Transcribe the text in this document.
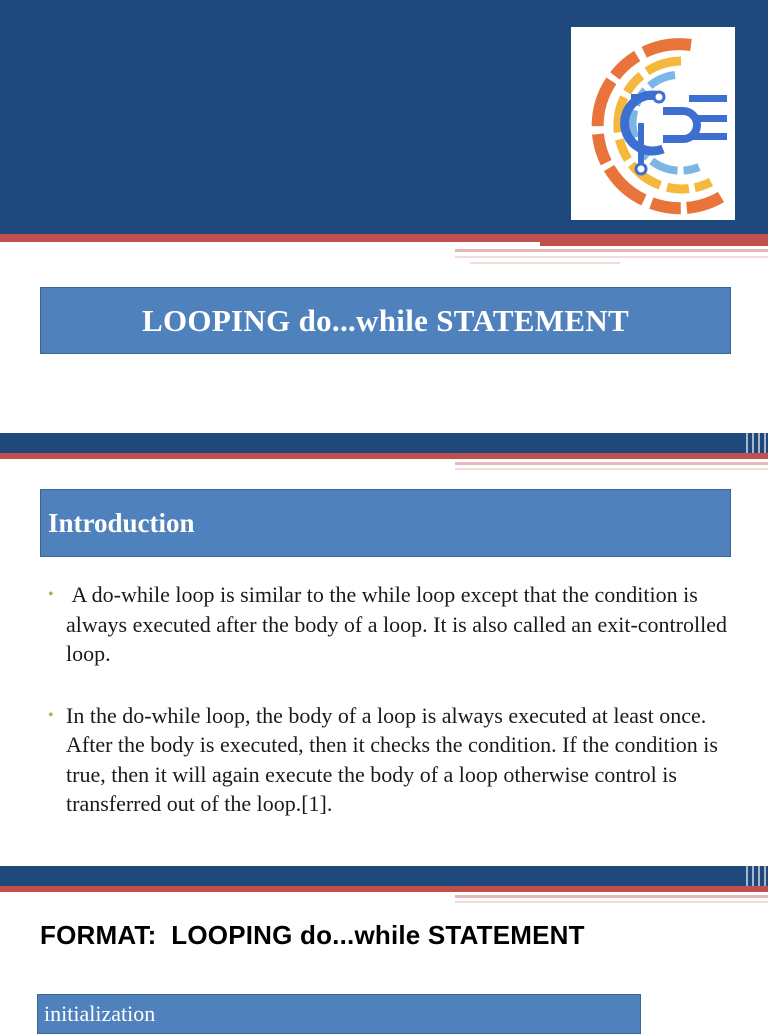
CPE
LOOPING do...while STATEMENT
Introduction
• A do-while loop is similar to the while loop except that the condition is always executed after the body of a loop. It is also called an exit-controlled loop.
• In the do-while loop, the body of a loop is always executed at least once. After the body is executed, then it checks the condition. If the condition is true, then it will again execute the body of a loop otherwise control is transferred out of the loop.[1].
FORMAT:  LOOPING do...while STATEMENT
initialization
